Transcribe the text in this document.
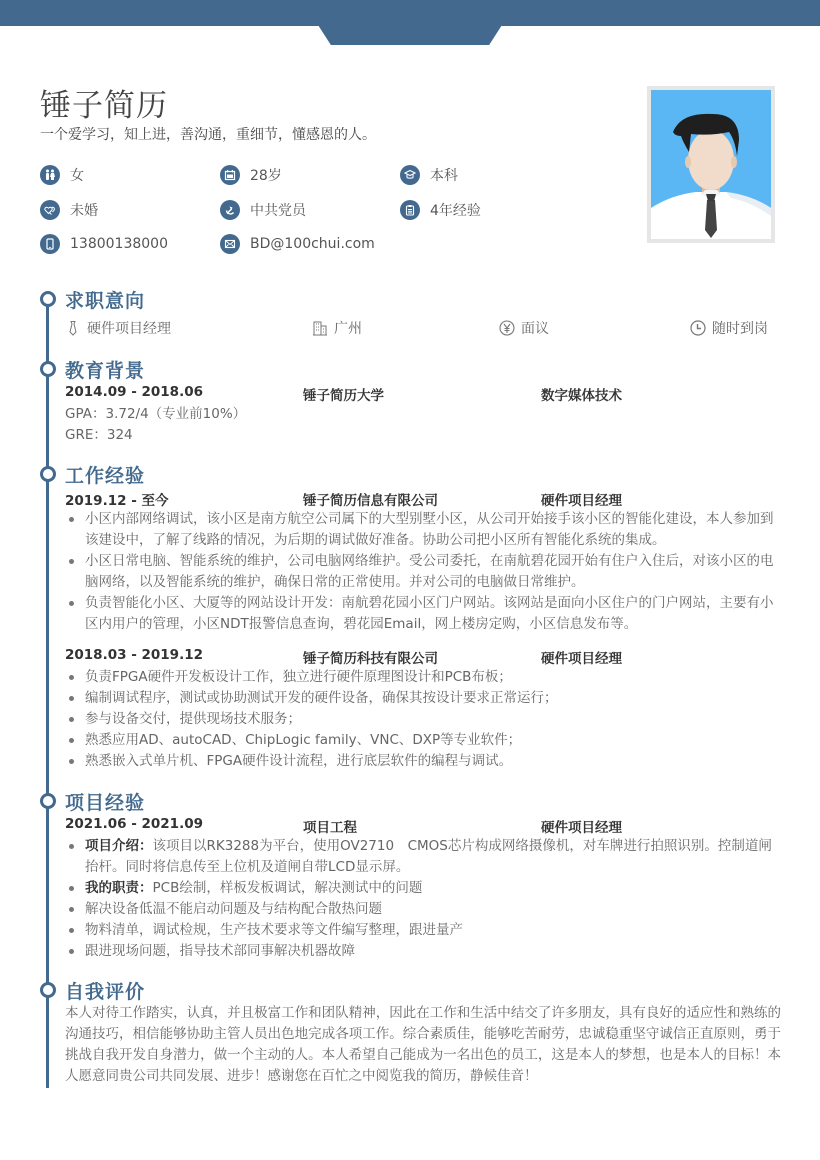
锤子简历
一个爱学习，知上进，善沟通，重细节，懂感恩的人。
女	28岁	本科
未婚	中共党员	4年经验
13800138000	BD@100chui.com
求职意向
硬件项目经理	广州	面议	随时到岗
教育背景
2014.09 - 2018.06	锤子简历大学	数字媒体技术
GPA：3.72/4（专业前10%）
GRE：324
工作经验
2019.12 - 至今	锤子简历信息有限公司	硬件项目经理
小区内部网络调试，该小区是南方航空公司属下的大型别墅小区，从公司开始接手该小区的智能化建设，本人参加到该建设中，了解了线路的情况，为后期的调试做好准备。协助公司把小区所有智能化系统的集成。
小区日常电脑、智能系统的维护，公司电脑网络维护。受公司委托，在南航碧花园开始有住户入住后，对该小区的电脑网络，以及智能系统的维护，确保日常的正常使用。并对公司的电脑做日常维护。
负责智能化小区、大厦等的网站设计开发：南航碧花园小区门户网站。该网站是面向小区住户的门户网站，主要有小区内用户的管理，小区NDT报警信息查询，碧花园Email，网上楼房定购，小区信息发布等。
2018.03 - 2019.12	锤子简历科技有限公司	硬件项目经理
负责FPGA硬件开发板设计工作，独立进行硬件原理图设计和PCB布板；
编制调试程序，测试或协助测试开发的硬件设备，确保其按设计要求正常运行；
参与设备交付，提供现场技术服务；
熟悉应用AD、autoCAD、ChipLogic family、VNC、DXP等专业软件；
熟悉嵌入式单片机、FPGA硬件设计流程，进行底层软件的编程与调试。
项目经验
2021.06 - 2021.09	项目工程	硬件项目经理
项目介绍：该项目以RK3288为平台，使用OV2710　CMOS芯片构成网络摄像机，对车牌进行拍照识别。控制道闸抬杆。同时将信息传至上位机及道闸自带LCD显示屏。
我的职责：PCB绘制，样板发板调试，解决测试中的问题
解决设备低温不能启动问题及与结构配合散热问题
物料清单，调试检规，生产技术要求等文件编写整理，跟进量产
跟进现场问题，指导技术部同事解决机器故障
自我评价

本人对待工作踏实，认真，并且极富工作和团队精神，因此在工作和生活中结交了许多朋友，具有良好的适应性和熟练的沟通技巧，相信能够协助主管人员出色地完成各项工作。综合素质佳，能够吃苦耐劳，忠诚稳重坚守诚信正直原则，勇于挑战自我开发自身潜力，做一个主动的人。本人希望自己能成为一名出色的员工，这是本人的梦想，也是本人的目标！本人愿意同贵公司共同发展、进步！感谢您在百忙之中阅览我的简历，静候佳音！
